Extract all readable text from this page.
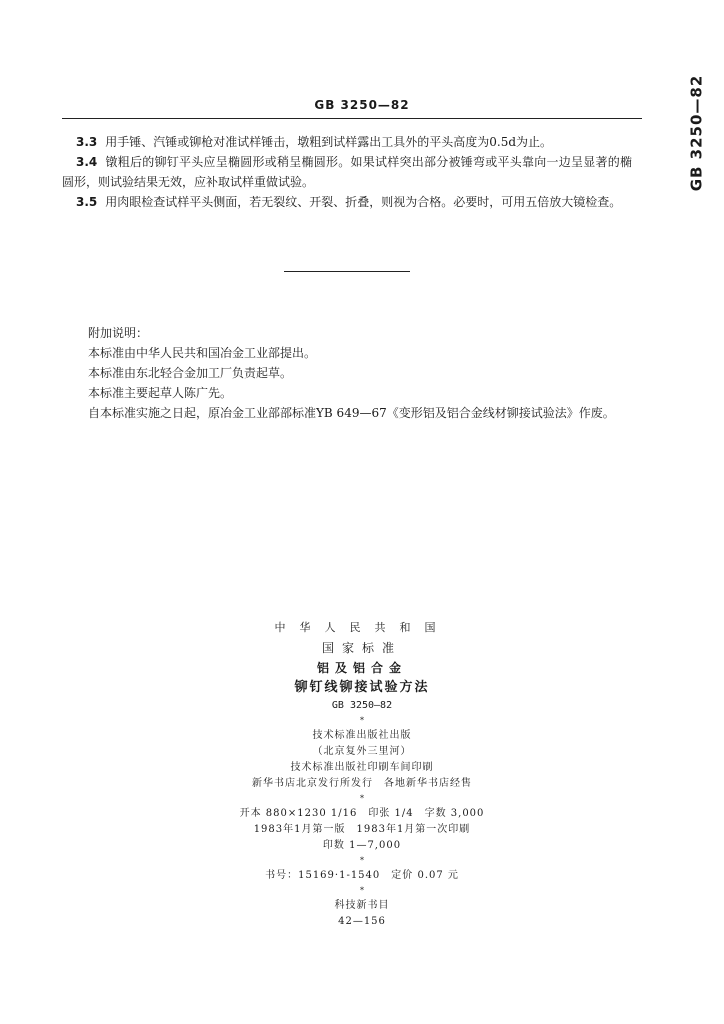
GB 3250—82	GB 3250—82

3.3 用手锤、汽锤或铆枪对准试样锤击，墩粗到试样露出工具外的平头高度为0.5d为止。

3.4 镦粗后的铆钉平头应呈椭圆形或稍呈椭圆形。如果试样突出部分被锤弯或平头靠向一边呈显著的椭圆形，则试验结果无效，应补取试样重做试验。

3.5 用肉眼检查试样平头侧面，若无裂纹、开裂、折叠，则视为合格。必要时，可用五倍放大镜检查。

附加说明：

本标准由中华人民共和国冶金工业部提出。

本标准由东北轻合金加工厂负责起草。

本标准主要起草人陈广先。

自本标准实施之日起，原冶金工业部部标准YB 649—67《变形铝及铝合金线材铆接试验法》作废。

中华人民共和国
国家标准
铝及铝合金
铆钉线铆接试验方法
GB 3250—82
*
技术标准出版社出版
（北京复外三里河）
技术标准出版社印刷车间印刷
新华书店北京发行所发行　各地新华书店经售
*
开本 880×1230 1/16　印张 1/4　字数 3,000
1983年1月第一版　1983年1月第一次印刷
印数 1—7,000
*
书号：15169·1-1540　定价 0.07 元
*
科技新书目
42—156
